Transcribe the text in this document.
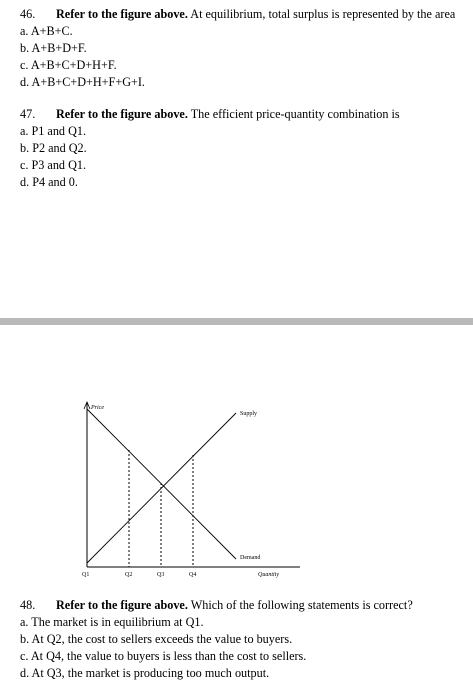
46. Refer to the figure above. At equilibrium, total surplus is represented by the area
a. A+B+C.
b. A+B+D+F.
c. A+B+C+D+H+F.
d. A+B+C+D+H+F+G+I.
47. Refer to the figure above. The efficient price-quantity combination is
a. P1 and Q1.
b. P2 and Q2.
c. P3 and Q1.
d. P4 and 0.
Price
Supply
Demand
Quantity
Q1	Q2	Q3	Q4
48. Refer to the figure above. Which of the following statements is correct?
a. The market is in equilibrium at Q1.
b. At Q2, the cost to sellers exceeds the value to buyers.
c. At Q4, the value to buyers is less than the cost to sellers.
d. At Q3, the market is producing too much output.
